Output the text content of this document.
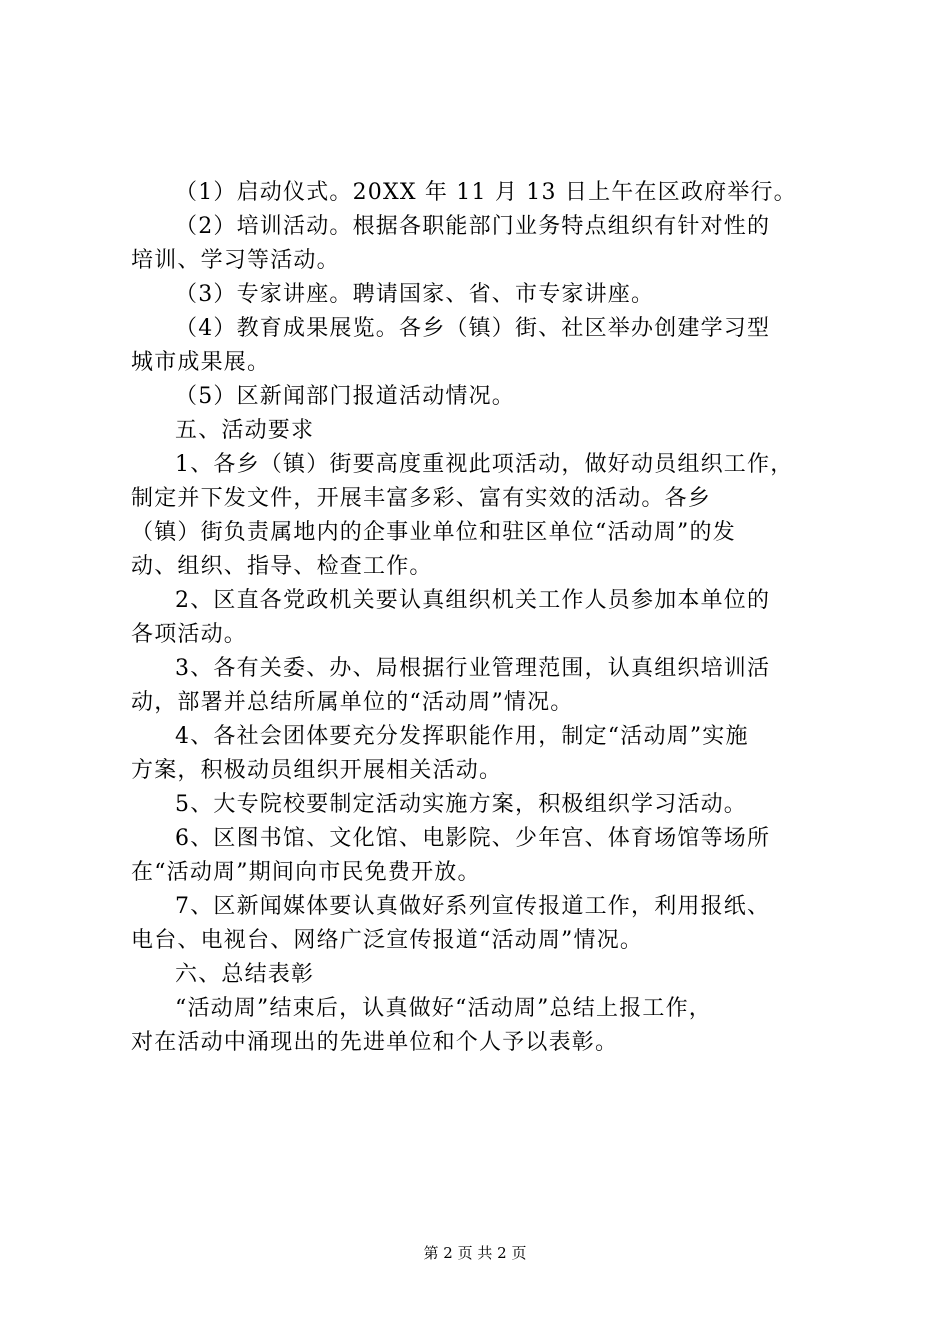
（1）启动仪式。20XX 年 11 月 13 日上午在区政府举行。
（2）培训活动。根据各职能部门业务特点组织有针对性的
培训、学习等活动。
（3）专家讲座。聘请国家、省、市专家讲座。
（4）教育成果展览。各乡（镇）街、社区举办创建学习型
城市成果展。
（5）区新闻部门报道活动情况。
五、活动要求
1、各乡（镇）街要高度重视此项活动，做好动员组织工作，
制定并下发文件，开展丰富多彩、富有实效的活动。各乡
（镇）街负责属地内的企事业单位和驻区单位“活动周”的发
动、组织、指导、检查工作。
2、区直各党政机关要认真组织机关工作人员参加本单位的
各项活动。
3、各有关委、办、局根据行业管理范围，认真组织培训活
动，部署并总结所属单位的“活动周”情况。
4、各社会团体要充分发挥职能作用，制定“活动周”实施
方案，积极动员组织开展相关活动。
5、大专院校要制定活动实施方案，积极组织学习活动。
6、区图书馆、文化馆、电影院、少年宫、体育场馆等场所
在“活动周”期间向市民免费开放。
7、区新闻媒体要认真做好系列宣传报道工作，利用报纸、
电台、电视台、网络广泛宣传报道“活动周”情况。
六、总结表彰
“活动周”结束后，认真做好“活动周”总结上报工作，
对在活动中涌现出的先进单位和个人予以表彰。
第 2 页 共 2 页
